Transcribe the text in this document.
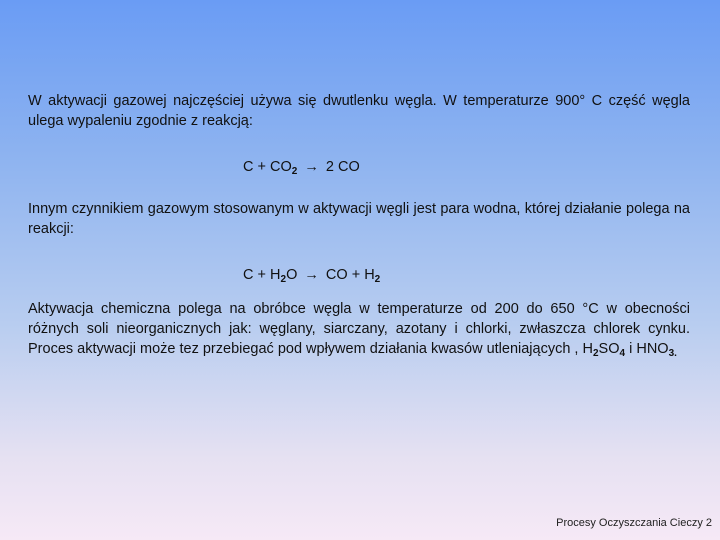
W aktywacji gazowej najczęściej używa się dwutlenku węgla. W temperaturze 900° C część węgla ulega wypaleniu zgodnie z reakcją:

$C + CO_2 \to 2$ CO

Innym czynnikiem gazowym stosowanym w aktywacji węgli jest para wodna, której działanie polega na reakcji:

$C + H_2O$ → CO + $H_2$

Aktywacja chemiczna polega na obróbce węgla w temperaturze od 200 do 650 °C w obecności różnych soli nieorganicznych jak: węglany, siarczany, azotany i chlorki, zwłaszcza chlorek cynku. Proces aktywacji może tez przebiegać pod wpływem działania kwasów utleniających , $H_2SO_4$ i $HNO_{3.}$

Procesy Oczyszczania Cieczy 2
